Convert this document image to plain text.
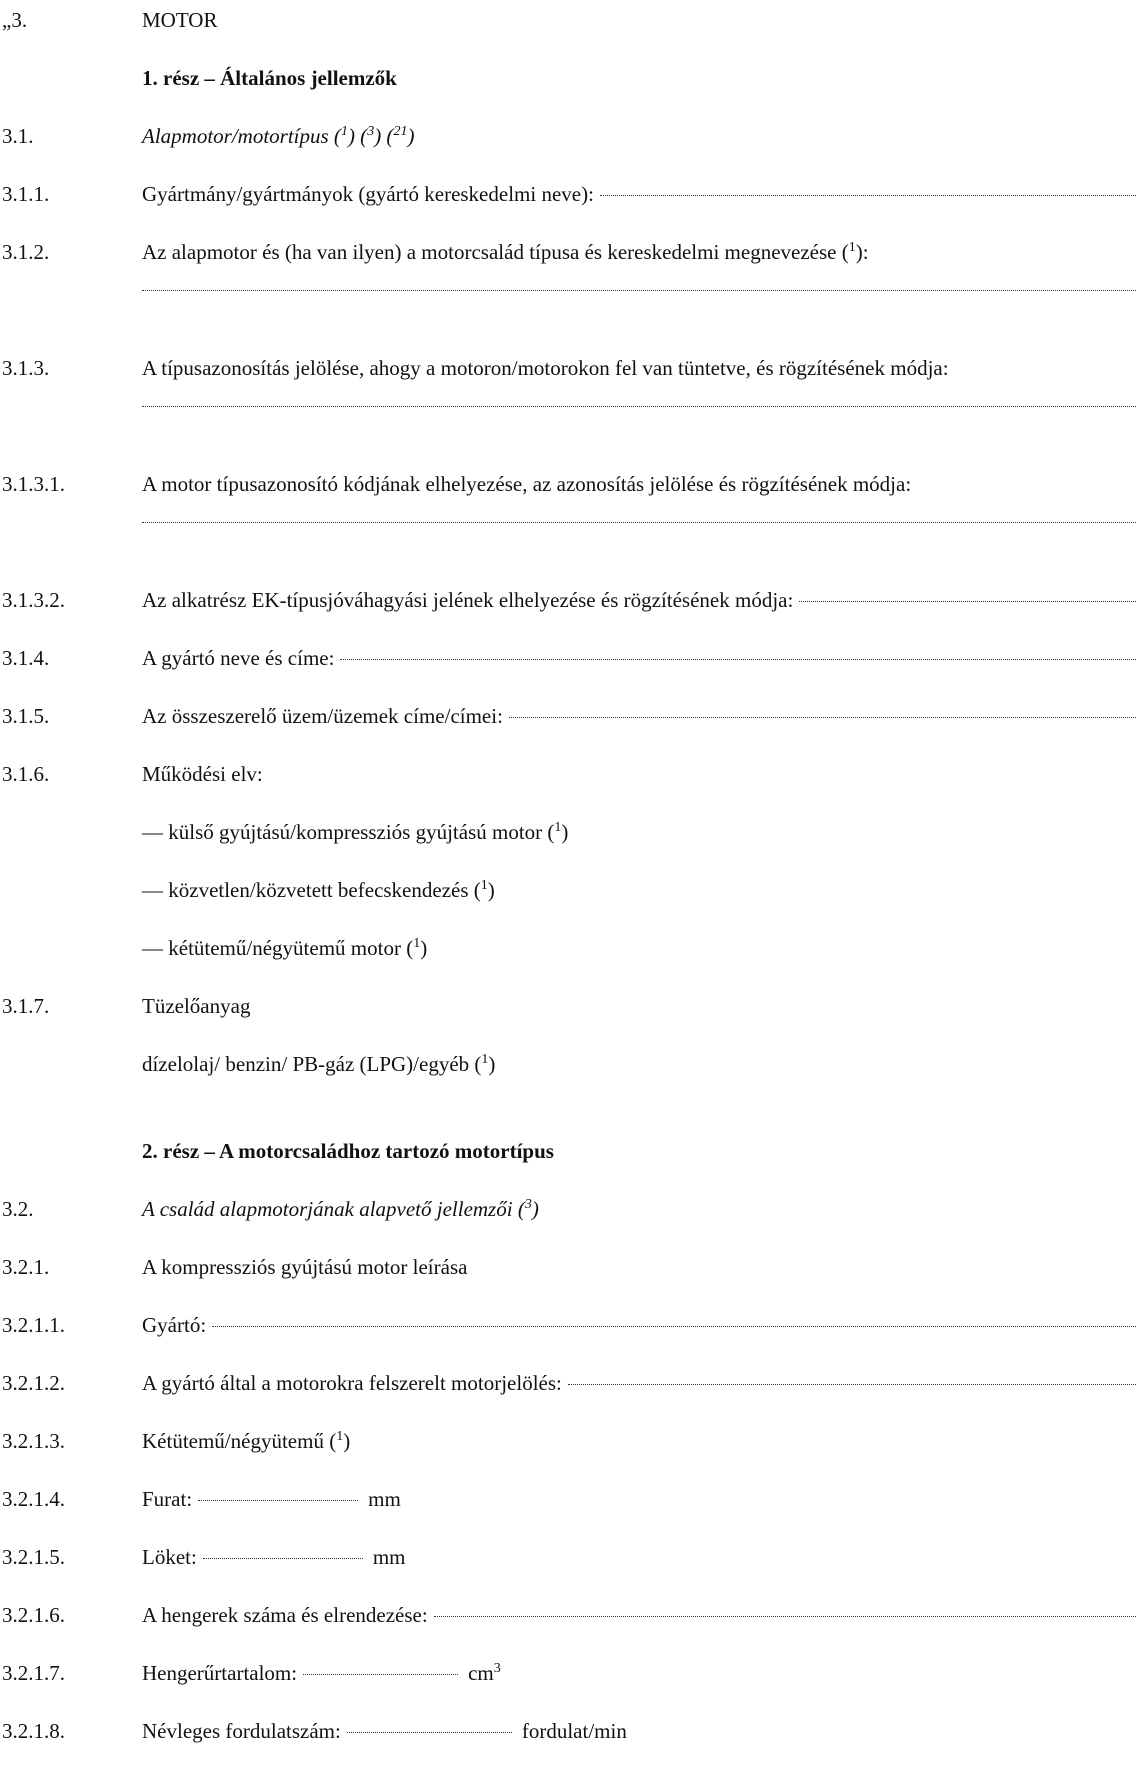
„3.	MOTOR
1. rész – Általános jellemzők
3.1.	Alapmotor/motortípus ($^1$) ($^3$) ($^{21}$)
3.1.1.	Gyártmány/gyártmányok (gyártó kereskedelmi neve):
3.1.2.	Az alapmotor és (ha van ilyen) a motorcsalád típusa és kereskedelmi megnevezése ($^1$):
3.1.3.	A típusazonosítás jelölése, ahogy a motoron/motorokon fel van tüntetve, és rögzítésének módja:
3.1.3.1.	A motor típusazonosító kódjának elhelyezése, az azonosítás jelölése és rögzítésének módja:
3.1.3.2.	Az alkatrész EK-típusjóváhagyási jelének elhelyezése és rögzítésének módja:
3.1.4.	A gyártó neve és címe:
3.1.5.	Az összeszerelő üzem/üzemek címe/címei:
3.1.6.	Működési elv:
— külső gyújtású/kompressziós gyújtású motor ($^1$)
— közvetlen/közvetett befecskendezés ($^1$)
— kétütemű/négyütemű motor ($^1$)
3.1.7.	Tüzelőanyag
dízelolaj/ benzin/ PB-gáz (LPG)/egyéb ($^1$)
2. rész – A motorcsaládhoz tartozó motortípus
3.2.	A család alapmotorjának alapvető jellemzői ($^3$)
3.2.1.	A kompressziós gyújtású motor leírása
3.2.1.1.	Gyártó:
3.2.1.2.	A gyártó által a motorokra felszerelt motorjelölés:
3.2.1.3.	Kétütemű/négyütemű ($^1$)
3.2.1.4.	Furat:	mm
3.2.1.5.	Löket:	mm
3.2.1.6.	A hengerek száma és elrendezése:
3.2.1.7.	Hengerűrtartalom:	$cm^3$
3.2.1.8.	Névleges fordulatszám:	fordulat/min
